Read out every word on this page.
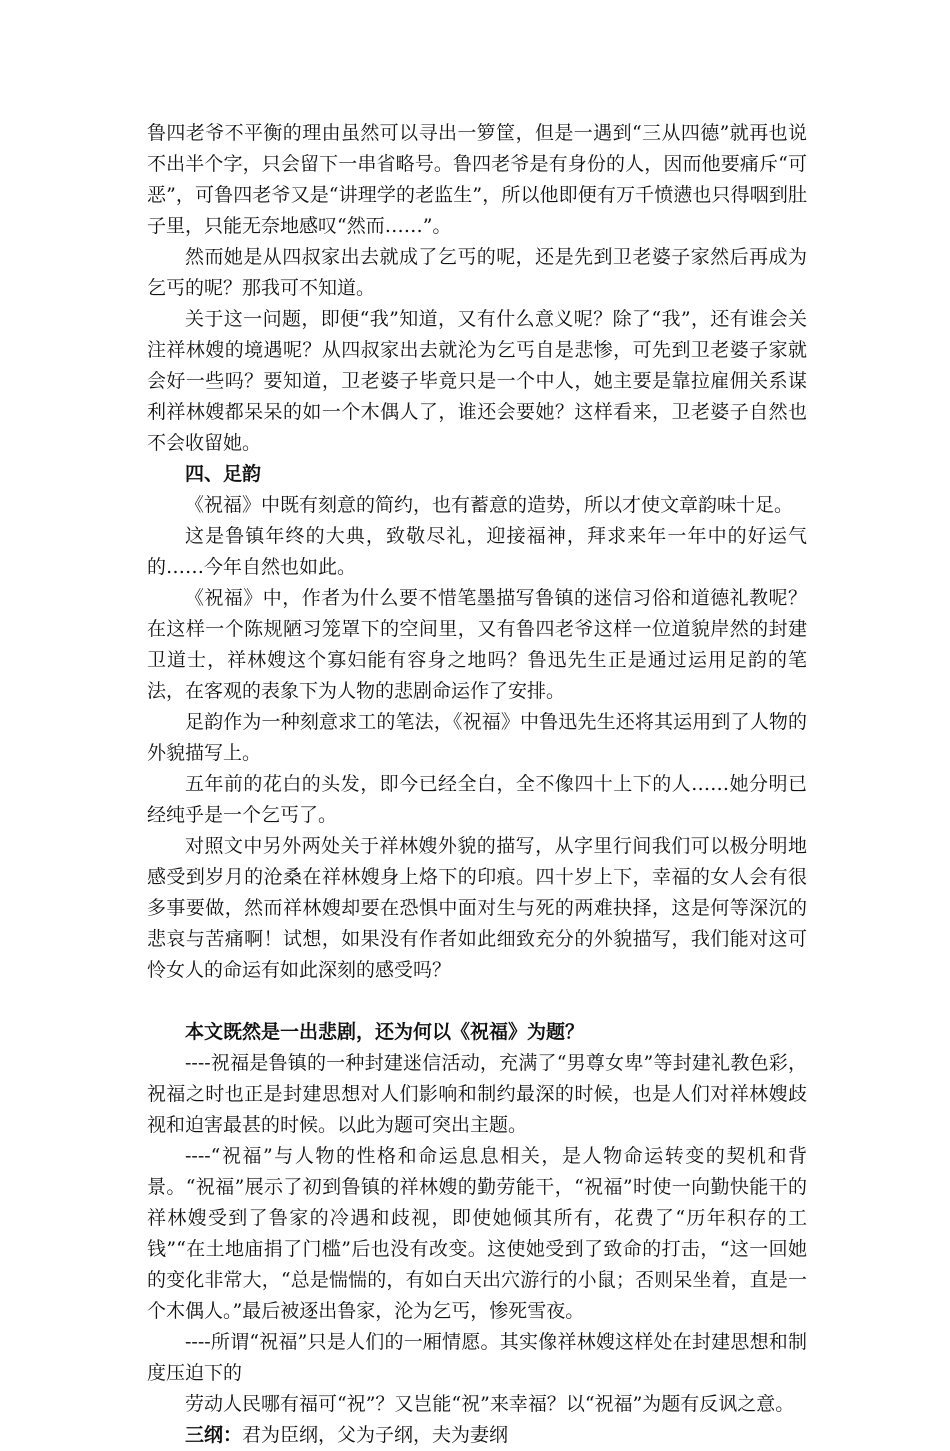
鲁四老爷不平衡的理由虽然可以寻出一箩筐，但是一遇到“三从四德”就再也说不出半个字，只会留下一串省略号。鲁四老爷是有身份的人，因而他要痛斥“可恶”，可鲁四老爷又是“讲理学的老监生”，所以他即便有万千愤懑也只得咽到肚子里，只能无奈地感叹“然而……”。

然而她是从四叔家出去就成了乞丐的呢，还是先到卫老婆子家然后再成为乞丐的呢？那我可不知道。

关于这一问题，即便“我”知道，又有什么意义呢？除了“我”，还有谁会关注祥林嫂的境遇呢？从四叔家出去就沦为乞丐自是悲惨，可先到卫老婆子家就会好一些吗？要知道，卫老婆子毕竟只是一个中人，她主要是靠拉雇佣关系谋利祥林嫂都呆呆的如一个木偶人了，谁还会要她？这样看来，卫老婆子自然也不会收留她。

四、足韵

《祝福》中既有刻意的简约，也有蓄意的造势，所以才使文章韵味十足。

这是鲁镇年终的大典，致敬尽礼，迎接福神，拜求来年一年中的好运气的……今年自然也如此。

《祝福》中，作者为什么要不惜笔墨描写鲁镇的迷信习俗和道德礼教呢？在这样一个陈规陋习笼罩下的空间里，又有鲁四老爷这样一位道貌岸然的封建卫道士，祥林嫂这个寡妇能有容身之地吗？鲁迅先生正是通过运用足韵的笔法，在客观的表象下为人物的悲剧命运作了安排。

足韵作为一种刻意求工的笔法，《祝福》中鲁迅先生还将其运用到了人物的外貌描写上。

五年前的花白的头发，即今已经全白，全不像四十上下的人……她分明已经纯乎是一个乞丐了。

对照文中另外两处关于祥林嫂外貌的描写，从字里行间我们可以极分明地感受到岁月的沧桑在祥林嫂身上烙下的印痕。四十岁上下，幸福的女人会有很多事要做，然而祥林嫂却要在恐惧中面对生与死的两难抉择，这是何等深沉的悲哀与苦痛啊！试想，如果没有作者如此细致充分的外貌描写，我们能对这可怜女人的命运有如此深刻的感受吗？

本文既然是一出悲剧，还为何以《祝福》为题？

----祝福是鲁镇的一种封建迷信活动，充满了“男尊女卑”等封建礼教色彩，祝福之时也正是封建思想对人们影响和制约最深的时候，也是人们对祥林嫂歧视和迫害最甚的时候。以此为题可突出主题。

----“祝福”与人物的性格和命运息息相关，是人物命运转变的契机和背景。“祝福”展示了初到鲁镇的祥林嫂的勤劳能干，“祝福”时使一向勤快能干的祥林嫂受到了鲁家的冷遇和歧视，即使她倾其所有，花费了“历年积存的工钱”“在土地庙捐了门槛”后也没有改变。这使她受到了致命的打击，“这一回她的变化非常大，“总是惴惴的，有如白天出穴游行的小鼠；否则呆坐着，直是一个木偶人。”最后被逐出鲁家，沦为乞丐，惨死雪夜。

----所谓“祝福”只是人们的一厢情愿。其实像祥林嫂这样处在封建思想和制度压迫下的

劳动人民哪有福可“祝”？又岂能“祝”来幸福？以“祝福”为题有反讽之意。

三纲：君为臣纲，父为子纲，夫为妻纲
